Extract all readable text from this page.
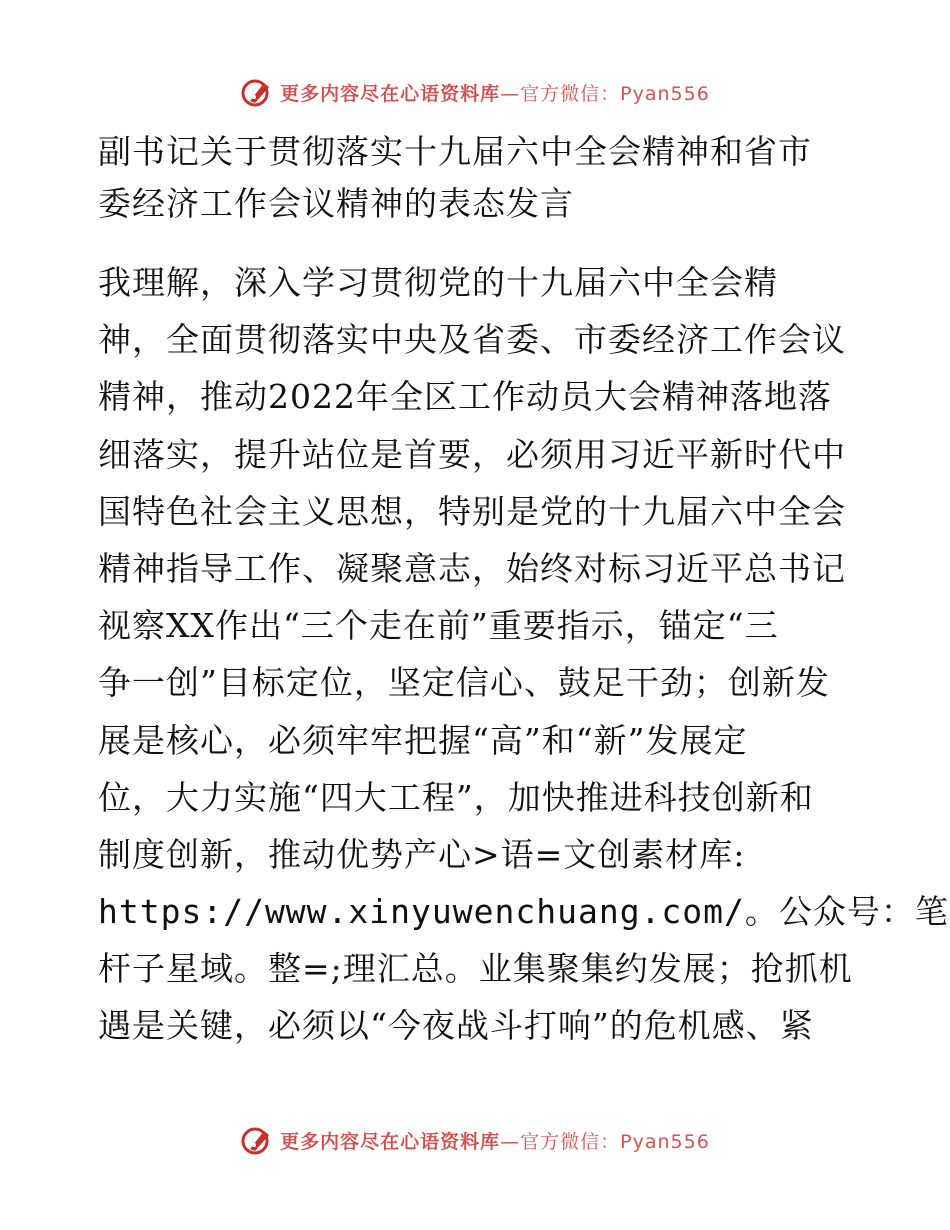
更多内容尽在心语资料库—官方微信：Pyan556
副书记关于贯彻落实十九届六中全会精神和省市
委经济工作会议精神的表态发言
我理解，深入学习贯彻党的十九届六中全会精
神，全面贯彻落实中央及省委、市委经济工作会议
精神，推动2022年全区工作动员大会精神落地落
细落实，提升站位是首要，必须用习近平新时代中
国特色社会主义思想，特别是党的十九届六中全会
精神指导工作、凝聚意志，始终对标习近平总书记
视察XX作出“三个走在前”重要指示，锚定“三
争一创”目标定位，坚定信心、鼓足干劲；创新发
展是核心，必须牢牢把握“高”和“新”发展定
位，大力实施“四大工程”，加快推进科技创新和
制度创新，推动优势产心>语=文创素材库:
https://www.xinyuwenchuang.com/。公众号：笔
杆子星域。整=;理汇总。业集聚集约发展；抢抓机
遇是关键，必须以“今夜战斗打响”的危机感、紧
更多内容尽在心语资料库—官方微信：Pyan556
